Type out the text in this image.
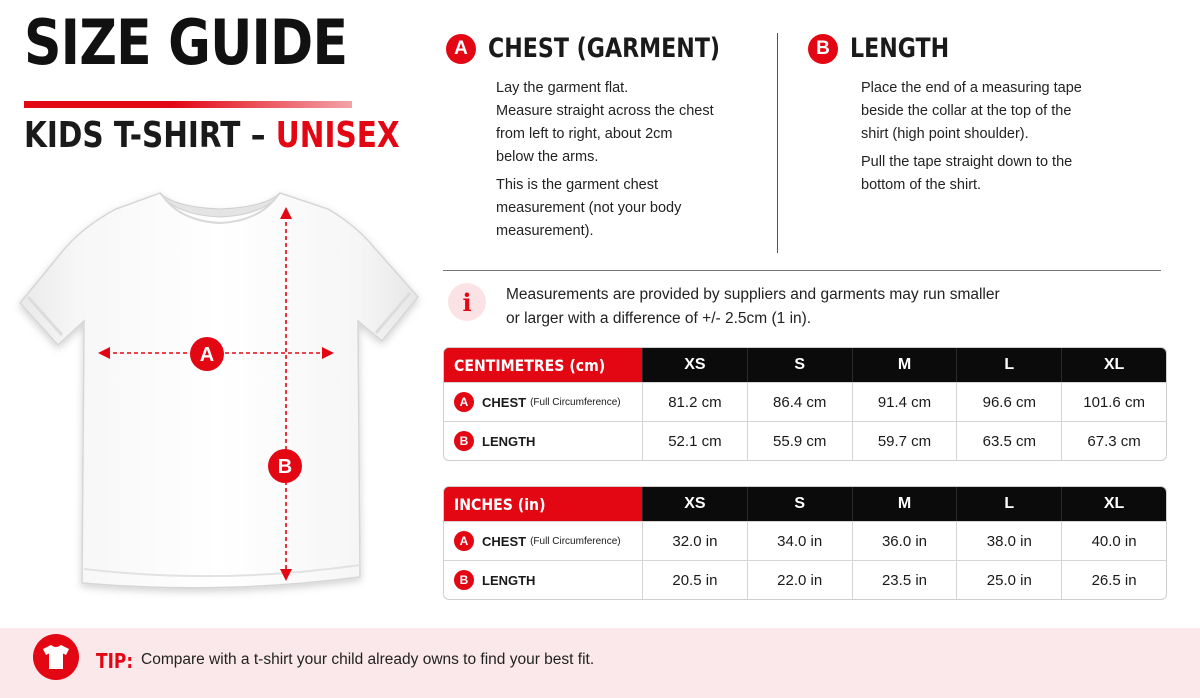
SIZE GUIDE
KIDS T-SHIRT – UNISEX
A
B
A CHEST (GARMENT)

Lay the garment flat.
Measure straight across the chest
from left to right, about 2cm
below the arms.

This is the garment chest
measurement (not your body
measurement).

B LENGTH

Place the end of a measuring tape
beside the collar at the top of the
shirt (high point shoulder).

Pull the tape straight down to the
bottom of the shirt.

i	Measurements are provided by suppliers and garments may run smaller
or larger with a difference of +/- 2.5cm (1 in).
CENTIMETRES (cm)	XS	S	M	L	XL
A	CHEST (Full Circumference)	81.2 cm	86.4 cm	91.4 cm	96.6 cm	101.6 cm
B	LENGTH	52.1 cm	55.9 cm	59.7 cm	63.5 cm	67.3 cm
INCHES (in)	XS	S	M	L	XL
A	CHEST (Full Circumference)	32.0 in	34.0 in	36.0 in	38.0 in	40.0 in
B	LENGTH	20.5 in	22.0 in	23.5 in	25.0 in	26.5 in
TIP: Compare with a t-shirt your child already owns to find your best fit.
